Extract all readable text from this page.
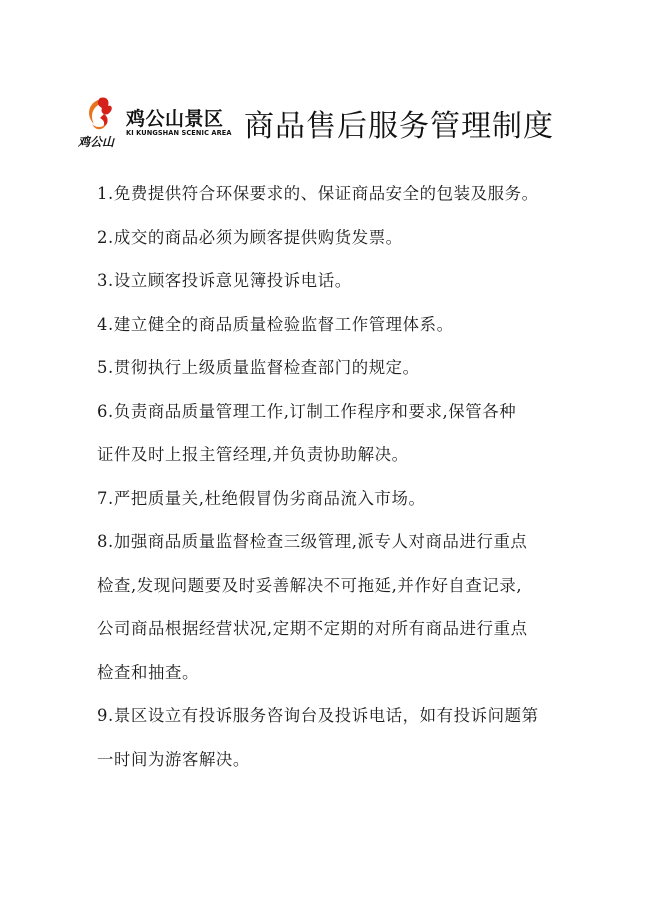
鸡公山
鸡公山景区
KI KUNGSHAN SCENIC AREA 商品售后服务管理制度
1.免费提供符合环保要求的、保证商品安全的包装及服务。
2.成交的商品必须为顾客提供购货发票。
3.设立顾客投诉意见簿投诉电话。
4.建立健全的商品质量检验监督工作管理体系。
5.贯彻执行上级质量监督检查部门的规定。
6.负责商品质量管理工作,订制工作程序和要求,保管各种
证件及时上报主管经理,并负责协助解决。
7.严把质量关,杜绝假冒伪劣商品流入市场。
8.加强商品质量监督检查三级管理,派专人对商品进行重点
检查,发现问题要及时妥善解决不可拖延,并作好自查记录,
公司商品根据经营状况,定期不定期的对所有商品进行重点
检查和抽查。
9.景区设立有投诉服务咨询台及投诉电话，如有投诉问题第
一时间为游客解决。
